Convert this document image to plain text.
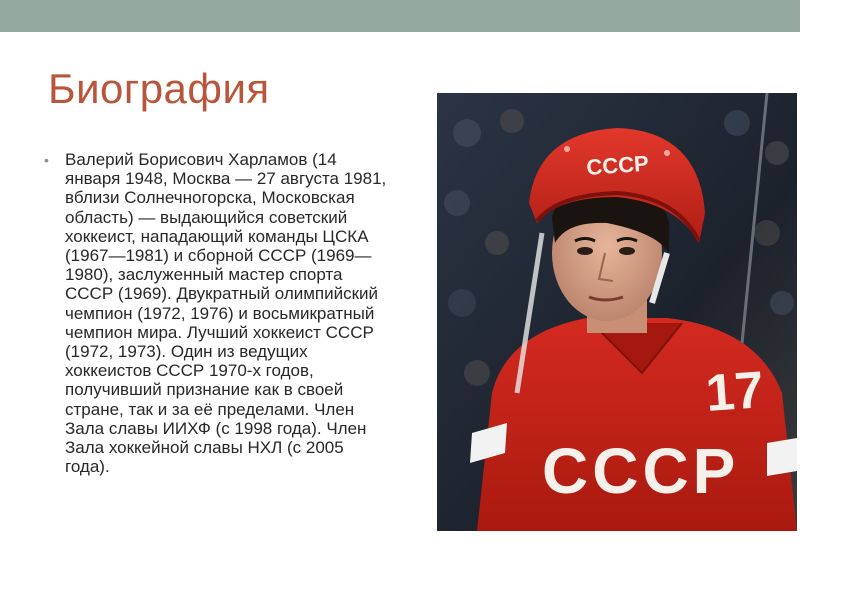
Биография
• Валерий Борисович Харламов (14 января 1948, Москва — 27 августа 1981, вблизи Солнечногорска, Московская область) — выдающийся советский хоккеист, нападающий команды ЦСКА (1967—1981) и сборной СССР (1969—1980), заслуженный мастер спорта СССР (1969). Двукратный олимпийский чемпион (1972, 1976) и восьмикратный чемпион мира. Лучший хоккеист СССР (1972, 1973). Один из ведущих хоккеистов СССР 1970-х годов, получивший признание как в своей стране, так и за её пределами. Член Зала славы ИИХФ (с 1998 года). Член Зала хоккейной славы НХЛ (с 2005 года).
СССР
СССР
17
